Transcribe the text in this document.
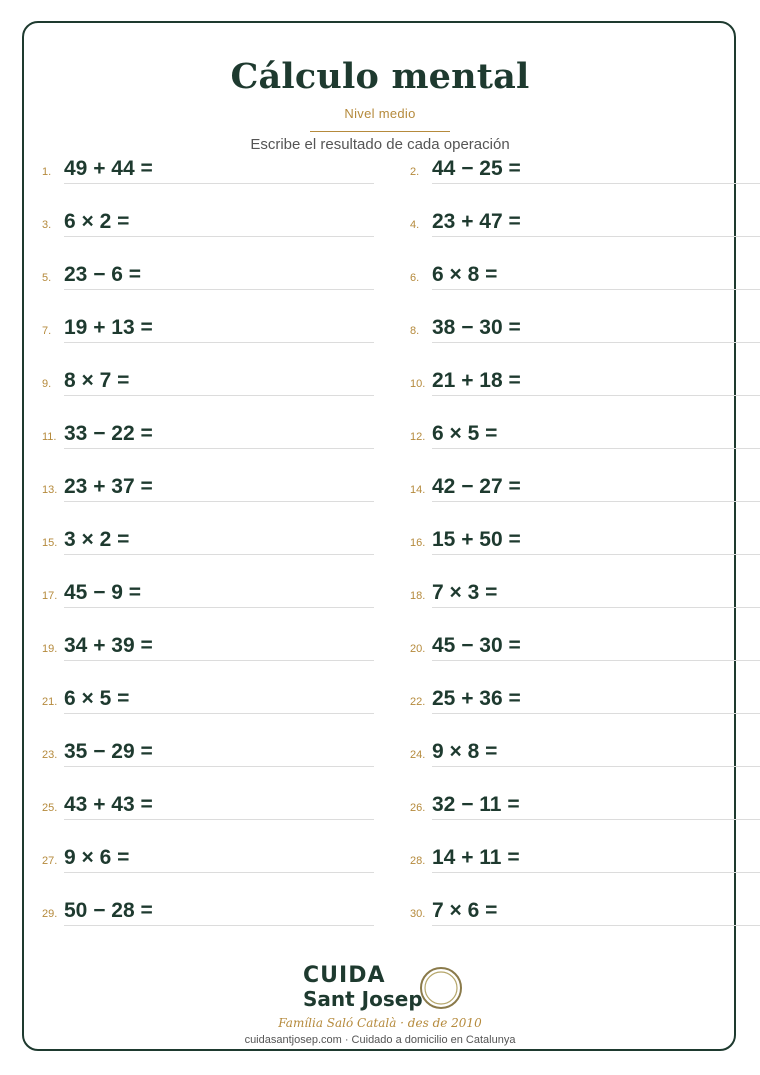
Cálculo mental
Nivel medio
Escribe el resultado de cada operación
1. 49 + 44 =	2. 44 − 25 =
3. 6 × 2 =	4. 23 + 47 =
5. 23 − 6 =	6. 6 × 8 =
7. 19 + 13 =	8. 38 − 30 =
9. 8 × 7 =	10. 21 + 18 =
11. 33 − 22 =	12. 6 × 5 =
13. 23 + 37 =	14. 42 − 27 =
15. 3 × 2 =	16. 15 + 50 =
17. 45 − 9 =	18. 7 × 3 =
19. 34 + 39 =	20. 45 − 30 =
21. 6 × 5 =	22. 25 + 36 =
23. 35 − 29 =	24. 9 × 8 =
25. 43 + 43 =	26. 32 − 11 =
27. 9 × 6 =	28. 14 + 11 =
29. 50 − 28 =	30. 7 × 6 =
CUIDA
Sant Josep
Família Saló Català · des de 2010
cuidasantjosep.com · Cuidado a domicilio en Catalunya
